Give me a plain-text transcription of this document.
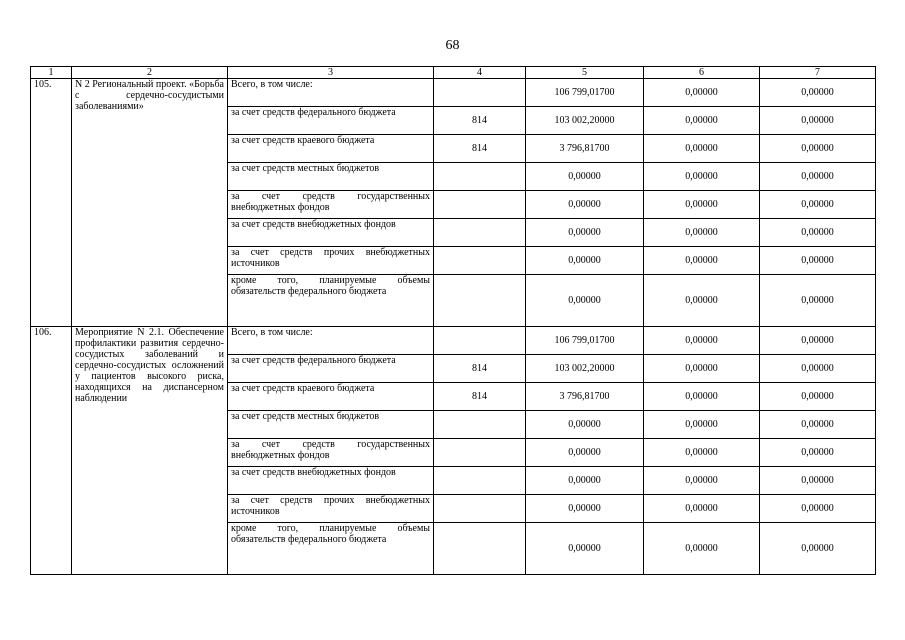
68
1	2	3	4	5	6	7
105.	N 2 Региональный проект. «Борьба с сердечно-сосудистыми заболеваниями»	Всего, в том числе:		106 799,01700	0,00000	0,00000
		за счет средств федерального бюджета	814	103 002,20000	0,00000	0,00000
		за счет средств краевого бюджета	814	3 796,81700	0,00000	0,00000
		за счет средств местных бюджетов		0,00000	0,00000	0,00000
		за счет средств государственных внебюджетных фондов		0,00000	0,00000	0,00000
		за счет средств внебюджетных фондов		0,00000	0,00000	0,00000
		за счет средств прочих внебюджетных источников		0,00000	0,00000	0,00000
		кроме того, планируемые объемы обязательств федерального бюджета		0,00000	0,00000	0,00000
106.	Мероприятие N 2.1. Обеспечение профилактики развития сердечно-сосудистых заболеваний и сердечно-сосудистых осложнений у пациентов высокого риска, находящихся на диспансерном наблюдении	Всего, в том числе:		106 799,01700	0,00000	0,00000
		за счет средств федерального бюджета	814	103 002,20000	0,00000	0,00000
		за счет средств краевого бюджета	814	3 796,81700	0,00000	0,00000
		за счет средств местных бюджетов		0,00000	0,00000	0,00000
		за счет средств государственных внебюджетных фондов		0,00000	0,00000	0,00000
		за счет средств внебюджетных фондов		0,00000	0,00000	0,00000
		за счет средств прочих внебюджетных источников		0,00000	0,00000	0,00000
		кроме того, планируемые объемы обязательств федерального бюджета		0,00000	0,00000	0,00000
